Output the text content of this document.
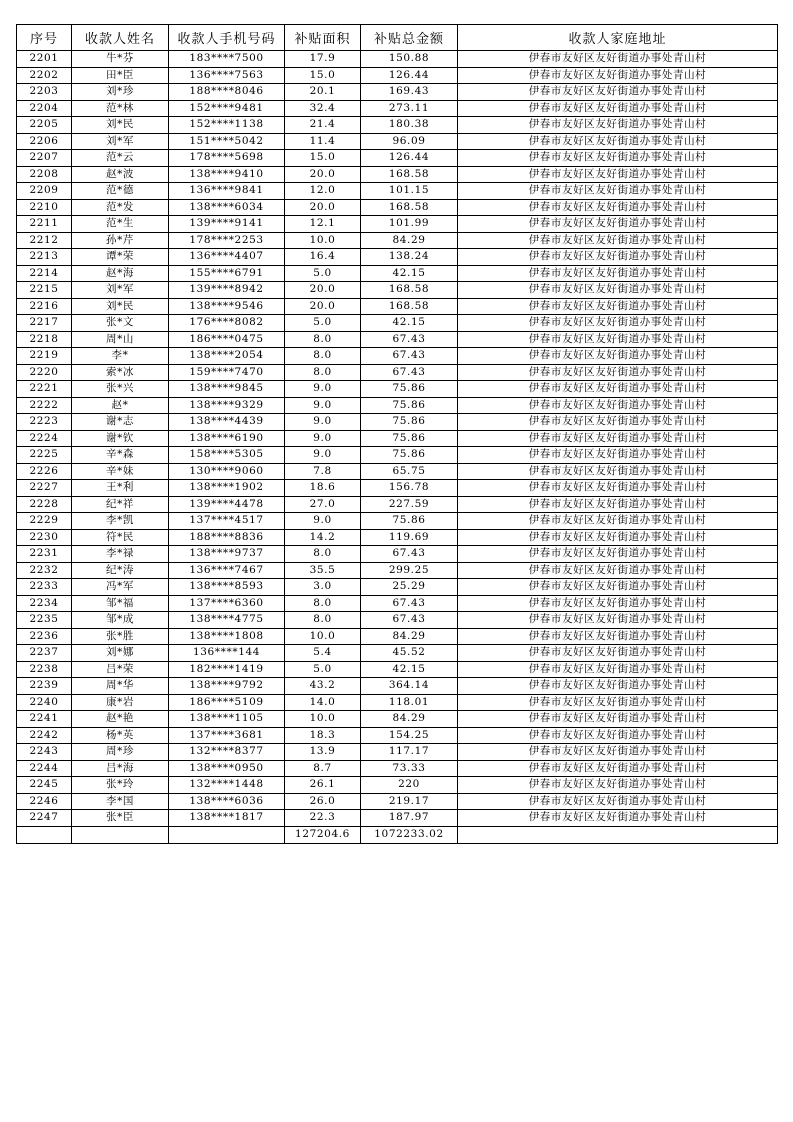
序号	收款人姓名	收款人手机号码	补贴面积	补贴总金额	收款人家庭地址
2201	牛*芬	183****7500	17.9	150.88	伊春市友好区友好街道办事处青山村
2202	田*臣	136****7563	15.0	126.44	伊春市友好区友好街道办事处青山村
2203	刘*珍	188****8046	20.1	169.43	伊春市友好区友好街道办事处青山村
2204	范*林	152****9481	32.4	273.11	伊春市友好区友好街道办事处青山村
2205	刘*民	152****1138	21.4	180.38	伊春市友好区友好街道办事处青山村
2206	刘*军	151****5042	11.4	96.09	伊春市友好区友好街道办事处青山村
2207	范*云	178****5698	15.0	126.44	伊春市友好区友好街道办事处青山村
2208	赵*波	138****9410	20.0	168.58	伊春市友好区友好街道办事处青山村
2209	范*德	136****9841	12.0	101.15	伊春市友好区友好街道办事处青山村
2210	范*发	138****6034	20.0	168.58	伊春市友好区友好街道办事处青山村
2211	范*生	139****9141	12.1	101.99	伊春市友好区友好街道办事处青山村
2212	孙*芹	178****2253	10.0	84.29	伊春市友好区友好街道办事处青山村
2213	谭*荣	136****4407	16.4	138.24	伊春市友好区友好街道办事处青山村
2214	赵*海	155****6791	5.0	42.15	伊春市友好区友好街道办事处青山村
2215	刘*军	139****8942	20.0	168.58	伊春市友好区友好街道办事处青山村
2216	刘*民	138****9546	20.0	168.58	伊春市友好区友好街道办事处青山村
2217	张*文	176****8082	5.0	42.15	伊春市友好区友好街道办事处青山村
2218	周*山	186****0475	8.0	67.43	伊春市友好区友好街道办事处青山村
2219	李*	138****2054	8.0	67.43	伊春市友好区友好街道办事处青山村
2220	索*冰	159****7470	8.0	67.43	伊春市友好区友好街道办事处青山村
2221	张*兴	138****9845	9.0	75.86	伊春市友好区友好街道办事处青山村
2222	赵*	138****9329	9.0	75.86	伊春市友好区友好街道办事处青山村
2223	谢*志	138****4439	9.0	75.86	伊春市友好区友好街道办事处青山村
2224	谢*钦	138****6190	9.0	75.86	伊春市友好区友好街道办事处青山村
2225	辛*森	158****5305	9.0	75.86	伊春市友好区友好街道办事处青山村
2226	辛*妹	130****9060	7.8	65.75	伊春市友好区友好街道办事处青山村
2227	王*利	138****1902	18.6	156.78	伊春市友好区友好街道办事处青山村
2228	纪*祥	139****4478	27.0	227.59	伊春市友好区友好街道办事处青山村
2229	李*凯	137****4517	9.0	75.86	伊春市友好区友好街道办事处青山村
2230	符*民	188****8836	14.2	119.69	伊春市友好区友好街道办事处青山村
2231	李*禄	138****9737	8.0	67.43	伊春市友好区友好街道办事处青山村
2232	纪*涛	136****7467	35.5	299.25	伊春市友好区友好街道办事处青山村
2233	冯*军	138****8593	3.0	25.29	伊春市友好区友好街道办事处青山村
2234	邹*福	137****6360	8.0	67.43	伊春市友好区友好街道办事处青山村
2235	邹*成	138****4775	8.0	67.43	伊春市友好区友好街道办事处青山村
2236	张*胜	138****1808	10.0	84.29	伊春市友好区友好街道办事处青山村
2237	刘*娜	136****144	5.4	45.52	伊春市友好区友好街道办事处青山村
2238	吕*荣	182****1419	5.0	42.15	伊春市友好区友好街道办事处青山村
2239	周*华	138****9792	43.2	364.14	伊春市友好区友好街道办事处青山村
2240	康*岩	186****5109	14.0	118.01	伊春市友好区友好街道办事处青山村
2241	赵*艳	138****1105	10.0	84.29	伊春市友好区友好街道办事处青山村
2242	杨*英	137****3681	18.3	154.25	伊春市友好区友好街道办事处青山村
2243	周*珍	132****8377	13.9	117.17	伊春市友好区友好街道办事处青山村
2244	吕*海	138****0950	8.7	73.33	伊春市友好区友好街道办事处青山村
2245	张*玲	132****1448	26.1	220	伊春市友好区友好街道办事处青山村
2246	李*国	138****6036	26.0	219.17	伊春市友好区友好街道办事处青山村
2247	张*臣	138****1817	22.3	187.97	伊春市友好区友好街道办事处青山村
			127204.6	1072233.02	
